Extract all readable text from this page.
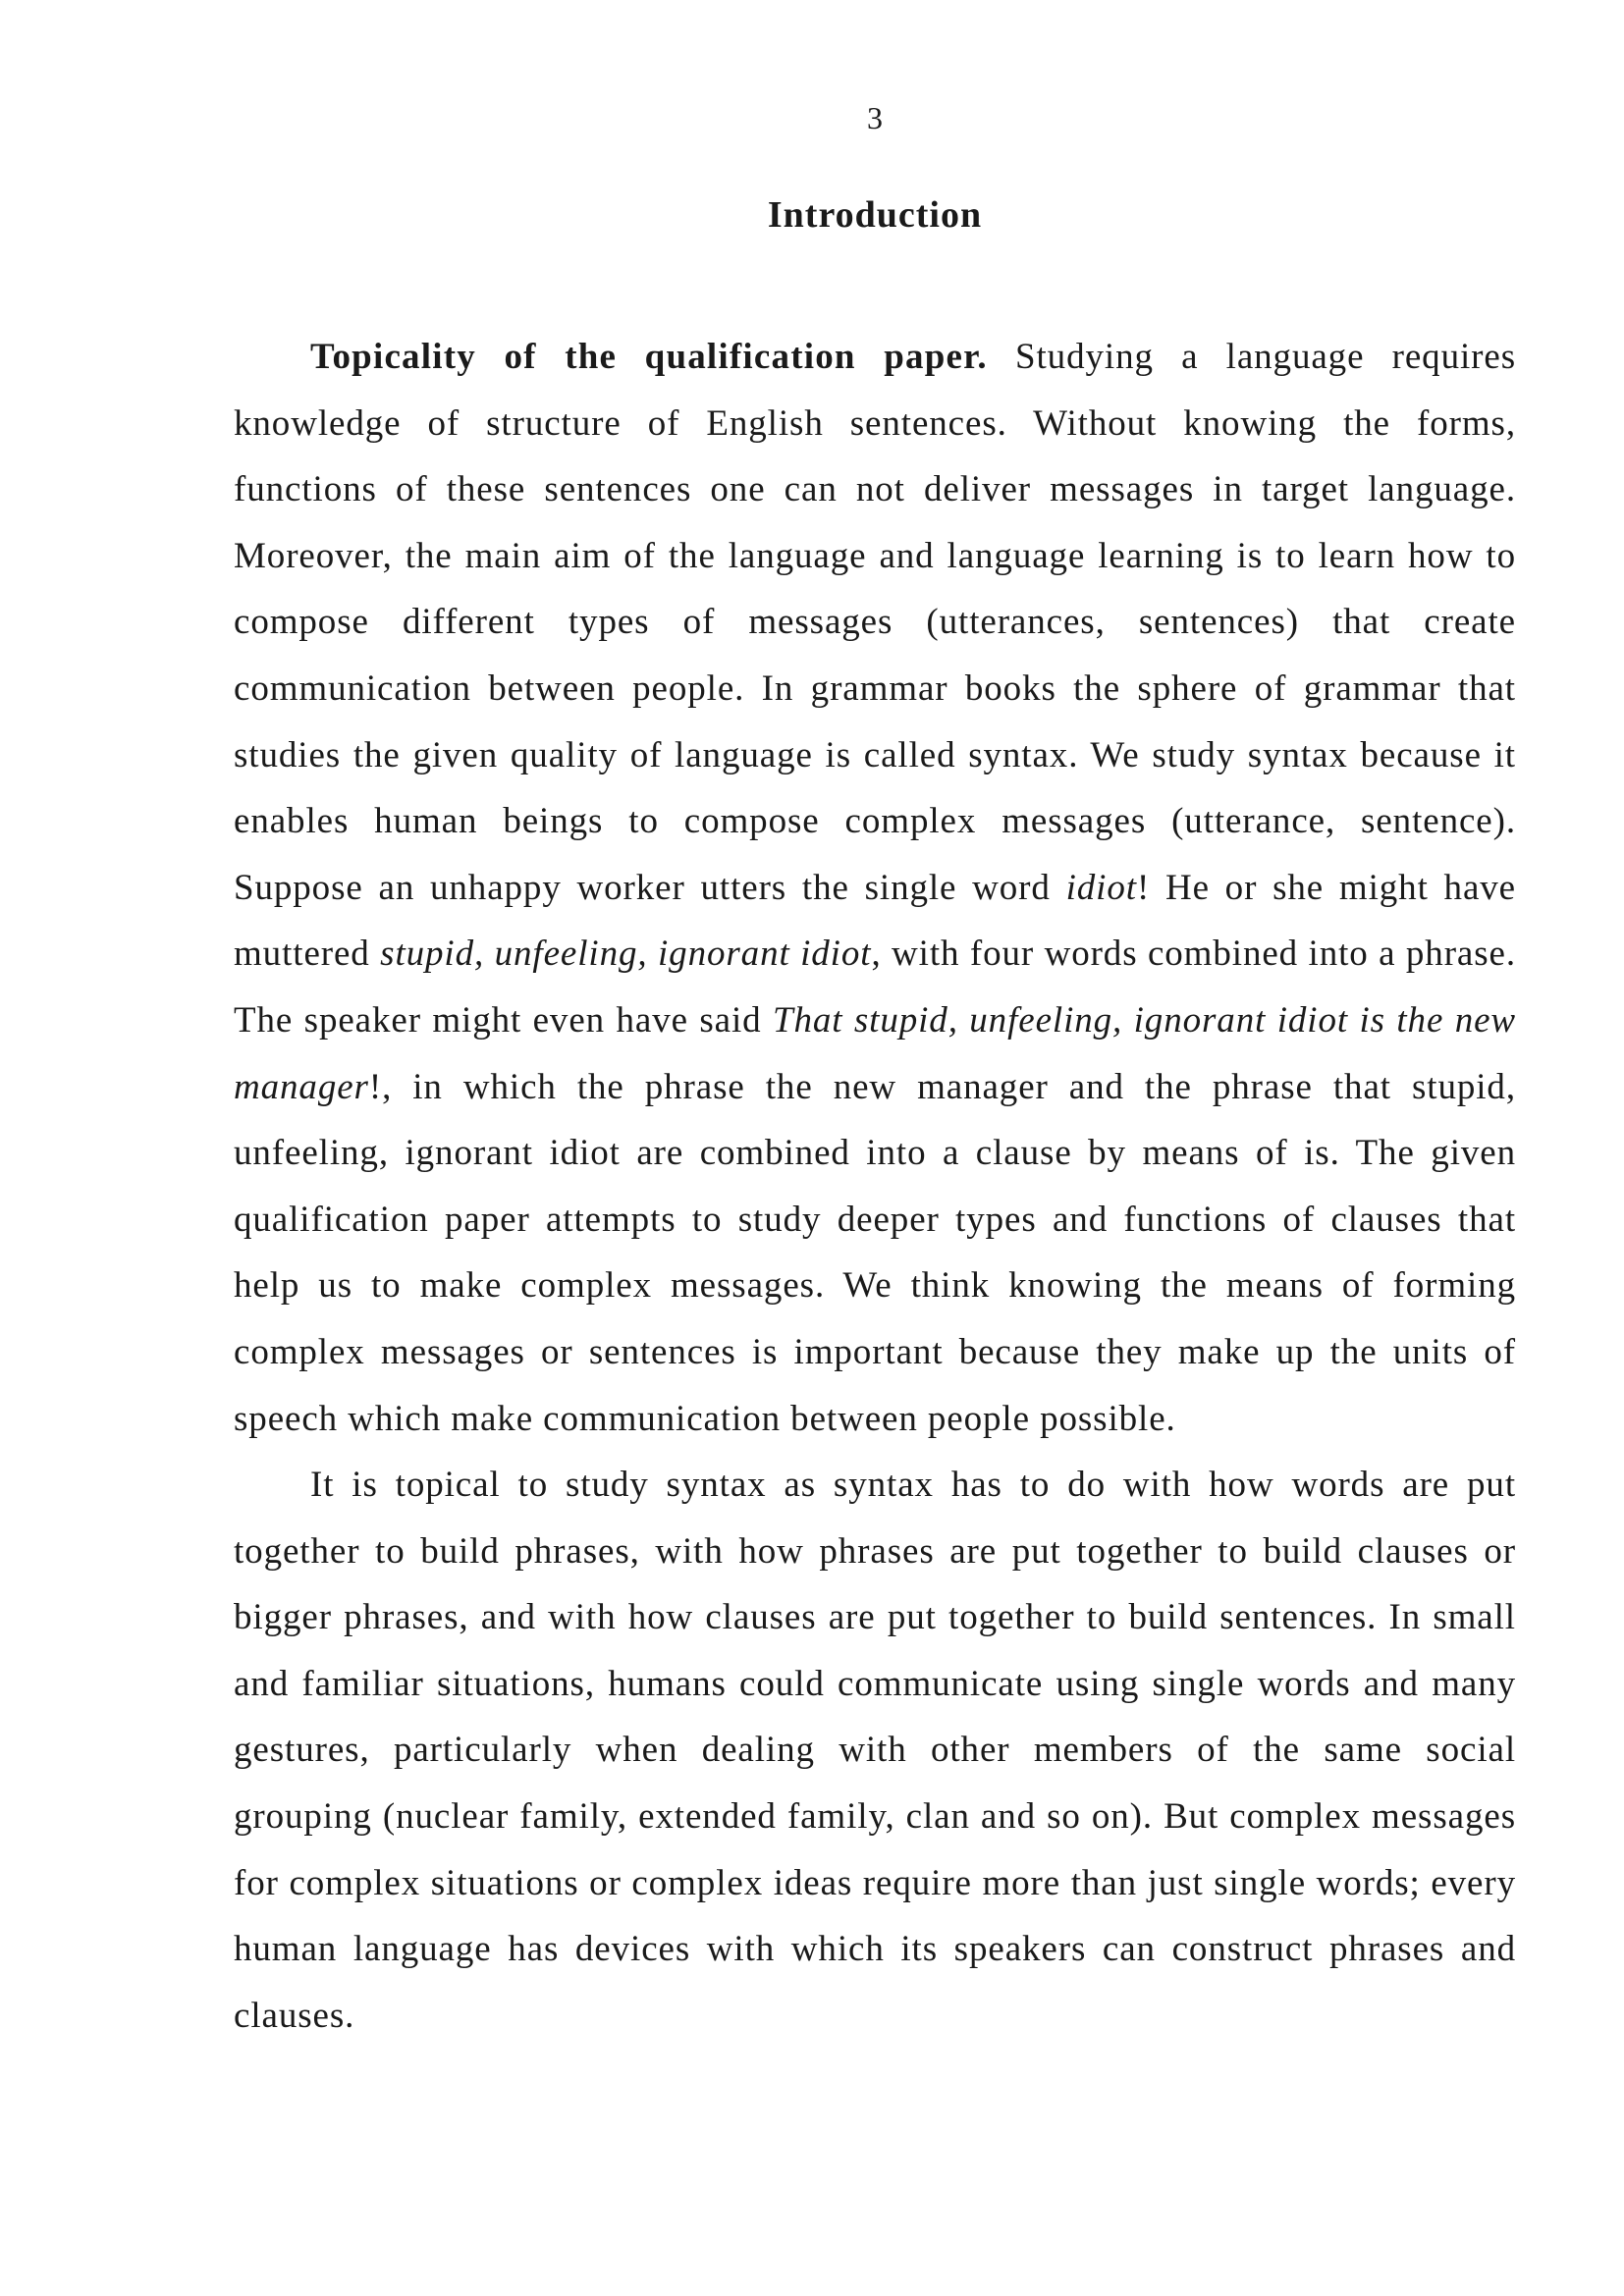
3
Introduction

Topicality of the qualification paper. Studying a language requires knowledge of structure of English sentences. Without knowing the forms, functions of these sentences one can not deliver messages in target language. Moreover, the main aim of the language and language learning is to learn how to compose different types of messages (utterances, sentences) that create communication between people. In grammar books the sphere of grammar that studies the given quality of language is called syntax. We study syntax because it enables human beings to compose complex messages (utterance, sentence). Suppose an unhappy worker utters the single word idiot! He or she might have muttered stupid, unfeeling, ignorant idiot, with four words combined into a phrase. The speaker might even have said That stupid, unfeeling, ignorant idiot is the new manager!, in which the phrase the new manager and the phrase that stupid, unfeeling, ignorant idiot are combined into a clause by means of is. The given qualification paper attempts to study deeper types and functions of clauses that help us to make complex messages. We think knowing the means of forming complex messages or sentences is important because they make up the units of speech which make communication between people possible.

It is topical to study syntax as syntax has to do with how words are put together to build phrases, with how phrases are put together to build clauses or bigger phrases, and with how clauses are put together to build sentences. In small and familiar situations, humans could communicate using single words and many gestures, particularly when dealing with other members of the same social grouping (nuclear family, extended family, clan and so on). But complex messages for complex situations or complex ideas require more than just single words; every human language has devices with which its speakers can construct phrases and clauses.
